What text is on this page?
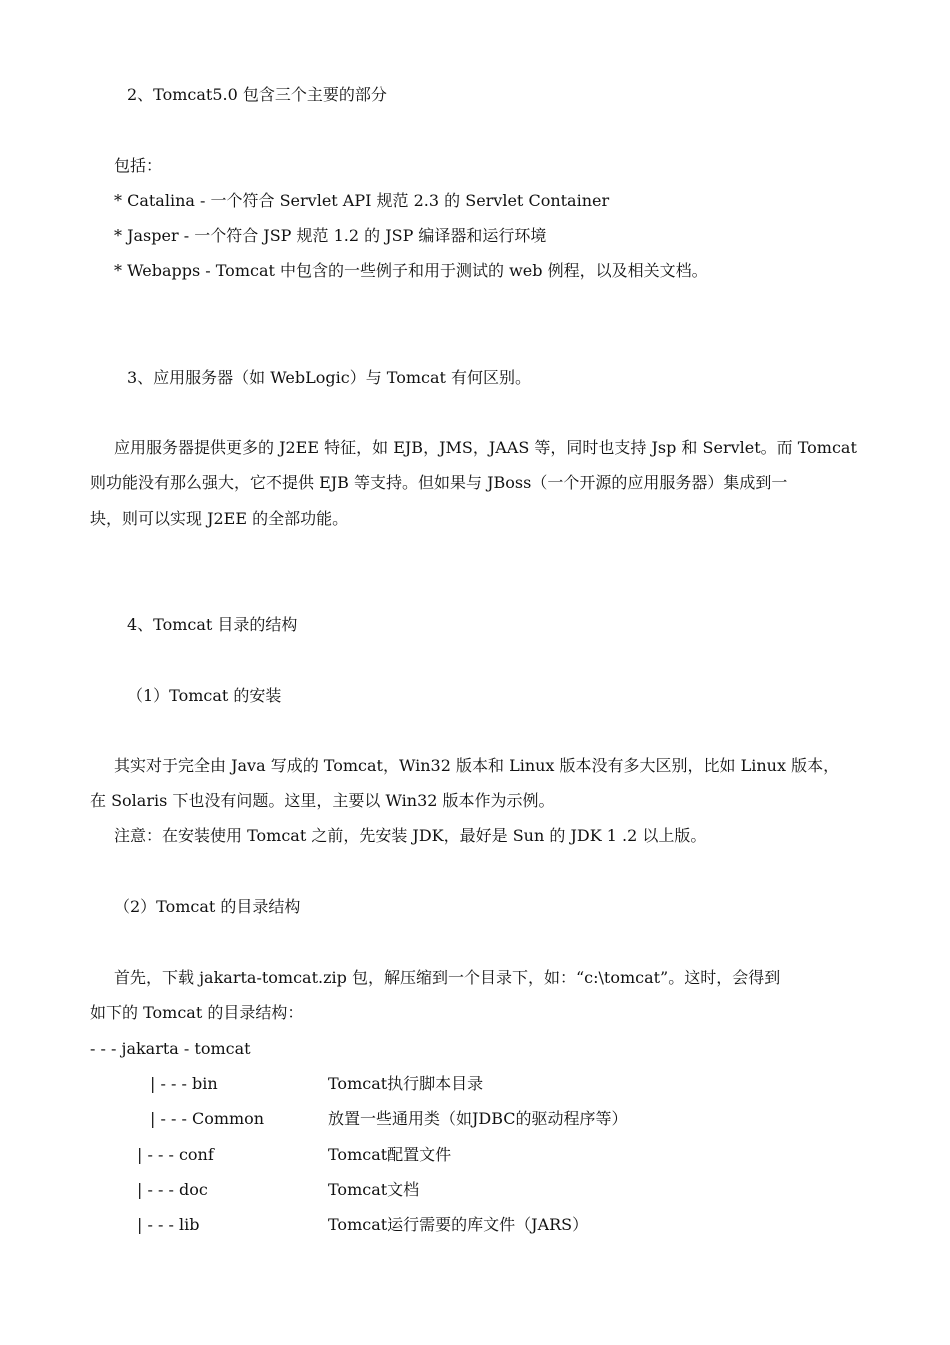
2、Tomcat5.0 包含三个主要的部分
包括：
* Catalina - 一个符合 Servlet API 规范 2.3 的 Servlet Container
* Jasper - 一个符合 JSP 规范 1.2 的 JSP 编译器和运行环境
* Webapps - Tomcat 中包含的一些例子和用于测试的 web 例程，以及相关文档。
3、应用服务器（如 WebLogic）与 Tomcat 有何区别。
应用服务器提供更多的 J2EE 特征，如 EJB，JMS，JAAS 等，同时也支持 Jsp 和 Servlet。而 Tomcat
则功能没有那么强大，它不提供 EJB 等支持。但如果与 JBoss（一个开源的应用服务器）集成到一
块，则可以实现 J2EE 的全部功能。
4、Tomcat 目录的结构
（1）Tomcat 的安装
其实对于完全由 Java 写成的 Tomcat，Win32 版本和 Linux 版本没有多大区别，比如 Linux 版本，
在 Solaris 下也没有问题。这里，主要以 Win32 版本作为示例。
注意：在安装使用 Tomcat 之前，先安装 JDK，最好是 Sun 的 JDK 1 .2 以上版。
（2）Tomcat 的目录结构
首先，下载 jakarta-tomcat.zip 包，解压缩到一个目录下，如：“c:\tomcat”。这时，会得到
如下的 Tomcat 的目录结构：
- - - jakarta - tomcat
| - - - bin	Tomcat执行脚本目录
| - - - Common	放置一些通用类（如JDBC的驱动程序等）
| - - - conf	Tomcat配置文件
| - - - doc	Tomcat文档
| - - - lib	Tomcat运行需要的库文件（JARS）
